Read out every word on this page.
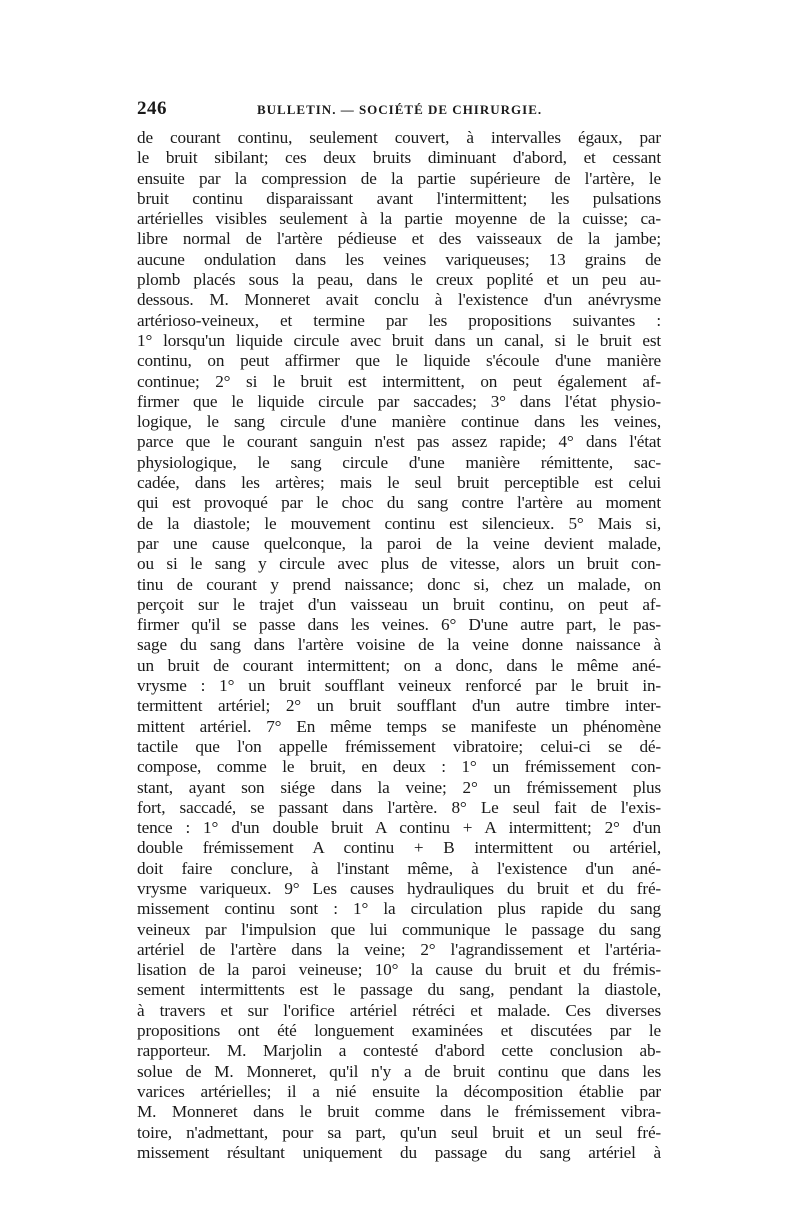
246	BULLETIN. — SOCIÉTÉ DE CHIRURGIE.
de courant continu, seulement couvert, à intervalles égaux, par
le bruit sibilant; ces deux bruits diminuant d'abord, et cessant
ensuite par la compression de la partie supérieure de l'artère, le
bruit continu disparaissant avant l'intermittent; les pulsations
artérielles visibles seulement à la partie moyenne de la cuisse; ca-
libre normal de l'artère pédieuse et des vaisseaux de la jambe;
aucune ondulation dans les veines variqueuses; 13 grains de
plomb placés sous la peau, dans le creux poplité et un peu au-
dessous. M. Monneret avait conclu à l'existence d'un anévrysme
artérioso-veineux, et termine par les propositions suivantes :
1° lorsqu'un liquide circule avec bruit dans un canal, si le bruit est
continu, on peut affirmer que le liquide s'écoule d'une manière
continue; 2° si le bruit est intermittent, on peut également af-
firmer que le liquide circule par saccades; 3° dans l'état physio-
logique, le sang circule d'une manière continue dans les veines,
parce que le courant sanguin n'est pas assez rapide; 4° dans l'état
physiologique, le sang circule d'une manière rémittente, sac-
cadée, dans les artères; mais le seul bruit perceptible est celui
qui est provoqué par le choc du sang contre l'artère au moment
de la diastole; le mouvement continu est silencieux. 5° Mais si,
par une cause quelconque, la paroi de la veine devient malade,
ou si le sang y circule avec plus de vitesse, alors un bruit con-
tinu de courant y prend naissance; donc si, chez un malade, on
perçoit sur le trajet d'un vaisseau un bruit continu, on peut af-
firmer qu'il se passe dans les veines. 6° D'une autre part, le pas-
sage du sang dans l'artère voisine de la veine donne naissance à
un bruit de courant intermittent; on a donc, dans le même ané-
vrysme : 1° un bruit soufflant veineux renforcé par le bruit in-
termittent artériel; 2° un bruit soufflant d'un autre timbre inter-
mittent artériel. 7° En même temps se manifeste un phénomène
tactile que l'on appelle frémissement vibratoire; celui-ci se dé-
compose, comme le bruit, en deux : 1° un frémissement con-
stant, ayant son siége dans la veine; 2° un frémissement plus
fort, saccadé, se passant dans l'artère. 8° Le seul fait de l'exis-
tence : 1° d'un double bruit A continu + A intermittent; 2° d'un
double frémissement A continu + B intermittent ou artériel,
doit faire conclure, à l'instant même, à l'existence d'un ané-
vrysme variqueux. 9° Les causes hydrauliques du bruit et du fré-
missement continu sont : 1° la circulation plus rapide du sang
veineux par l'impulsion que lui communique le passage du sang
artériel de l'artère dans la veine; 2° l'agrandissement et l'artéria-
lisation de la paroi veineuse; 10° la cause du bruit et du frémis-
sement intermittents est le passage du sang, pendant la diastole,
à travers et sur l'orifice artériel rétréci et malade. Ces diverses
propositions ont été longuement examinées et discutées par le
rapporteur. M. Marjolin a contesté d'abord cette conclusion ab-
solue de M. Monneret, qu'il n'y a de bruit continu que dans les
varices artérielles; il a nié ensuite la décomposition établie par
M. Monneret dans le bruit comme dans le frémissement vibra-
toire, n'admettant, pour sa part, qu'un seul bruit et un seul fré-
missement résultant uniquement du passage du sang artériel à
